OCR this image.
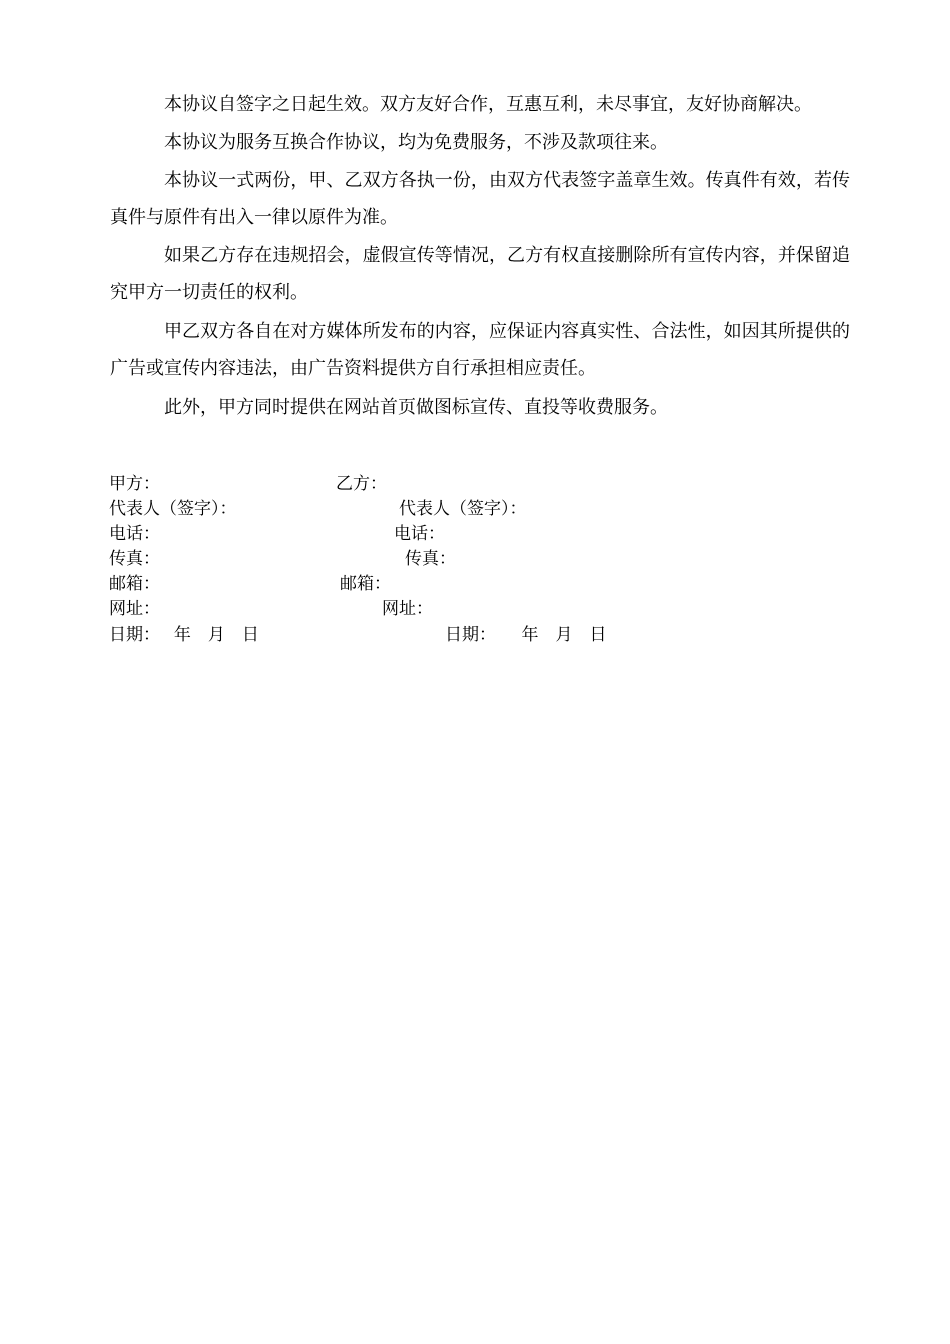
本协议自签字之日起生效。双方友好合作，互惠互利，未尽事宜，友好协商解决。

本协议为服务互换合作协议，均为免费服务，不涉及款项往来。

本协议一式两份，甲、乙双方各执一份，由双方代表签字盖章生效。传真件有效，若传真件与原件有出入一律以原件为准。

如果乙方存在违规招会，虚假宣传等情况，乙方有权直接删除所有宣传内容，并保留追究甲方一切责任的权利。

甲乙双方各自在对方媒体所发布的内容，应保证内容真实性、合法性，如因其所提供的广告或宣传内容违法，由广告资料提供方自行承担相应责任。

此外，甲方同时提供在网站首页做图标宣传、直投等收费服务。

甲方：
代表人（签字）：
电话：
传真：
邮箱：
网址：
日期：　 年　月　日
乙方：
代表人（签字）：
电话：
传真：
邮箱：
网址：
日期：　　年　月　日
